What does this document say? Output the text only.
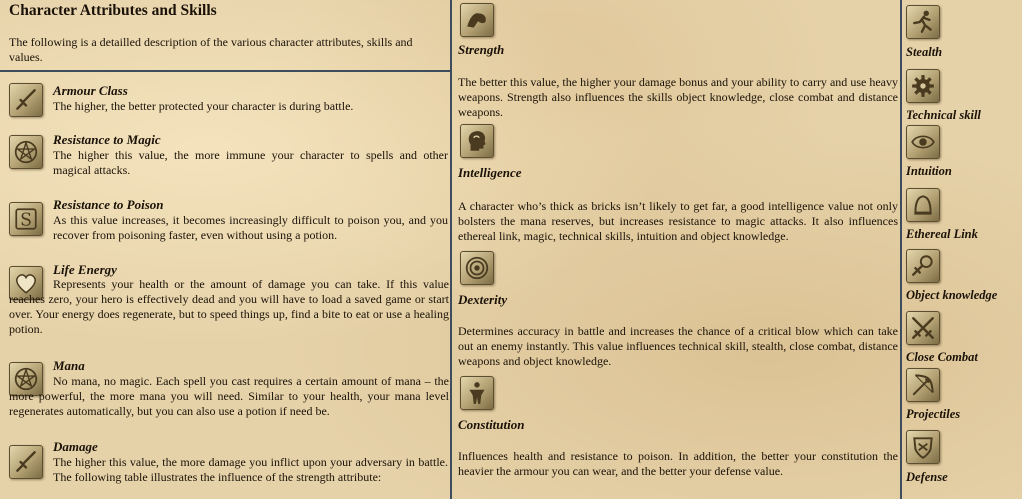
Character Attributes and Skills
The following is a detailled description of the various character attributes, skills and values.
Armour Class
The higher, the better protected your character is during battle.
Resistance to Magic
The higher this value, the more immune your character to spells and other magical attacks.
Resistance to Poison
As this value increases, it becomes increasingly difficult to poison you, and you recover from poisoning faster, even without using a potion.
Life Energy
Represents your health or the amount of damage you can take. If this value reaches zero, your hero is effectively dead and you will have to load a saved game or start over. Your energy does regenerate, but to speed things up, find a bite to eat or use a healing potion.
Mana
No mana, no magic. Each spell you cast requires a certain amount of mana – the more powerful, the more mana you will need. Similar to your health, your mana level regenerates automatically, but you can also use a potion if need be.
Damage
The higher this value, the more damage you inflict upon your adversary in battle. The following table illustrates the influence of the strength attribute:
Strength
The better this value, the higher your damage bonus and your ability to carry and use heavy weapons. Strength also influences the skills object knowledge, close combat and distance weapons.
Intelligence
A character who’s thick as bricks isn’t likely to get far, a good intelligence value not only bolsters the mana reserves, but increases resistance to magic attacks. It also influences ethereal link, magic, technical skills, intuition and object knowledge.
Dexterity
Determines accuracy in battle and increases the chance of a critical blow which can take out an enemy instantly. This value influences technical skill, stealth, close combat, distance weapons and object knowledge.
Constitution
Influences health and resistance to poison. In addition, the better your constitution the heavier the armour you can wear, and the better your defense value.
Stealth
Technical skill
Intuition
Ethereal Link
Object knowledge
Close Combat
Projectiles
Defense
